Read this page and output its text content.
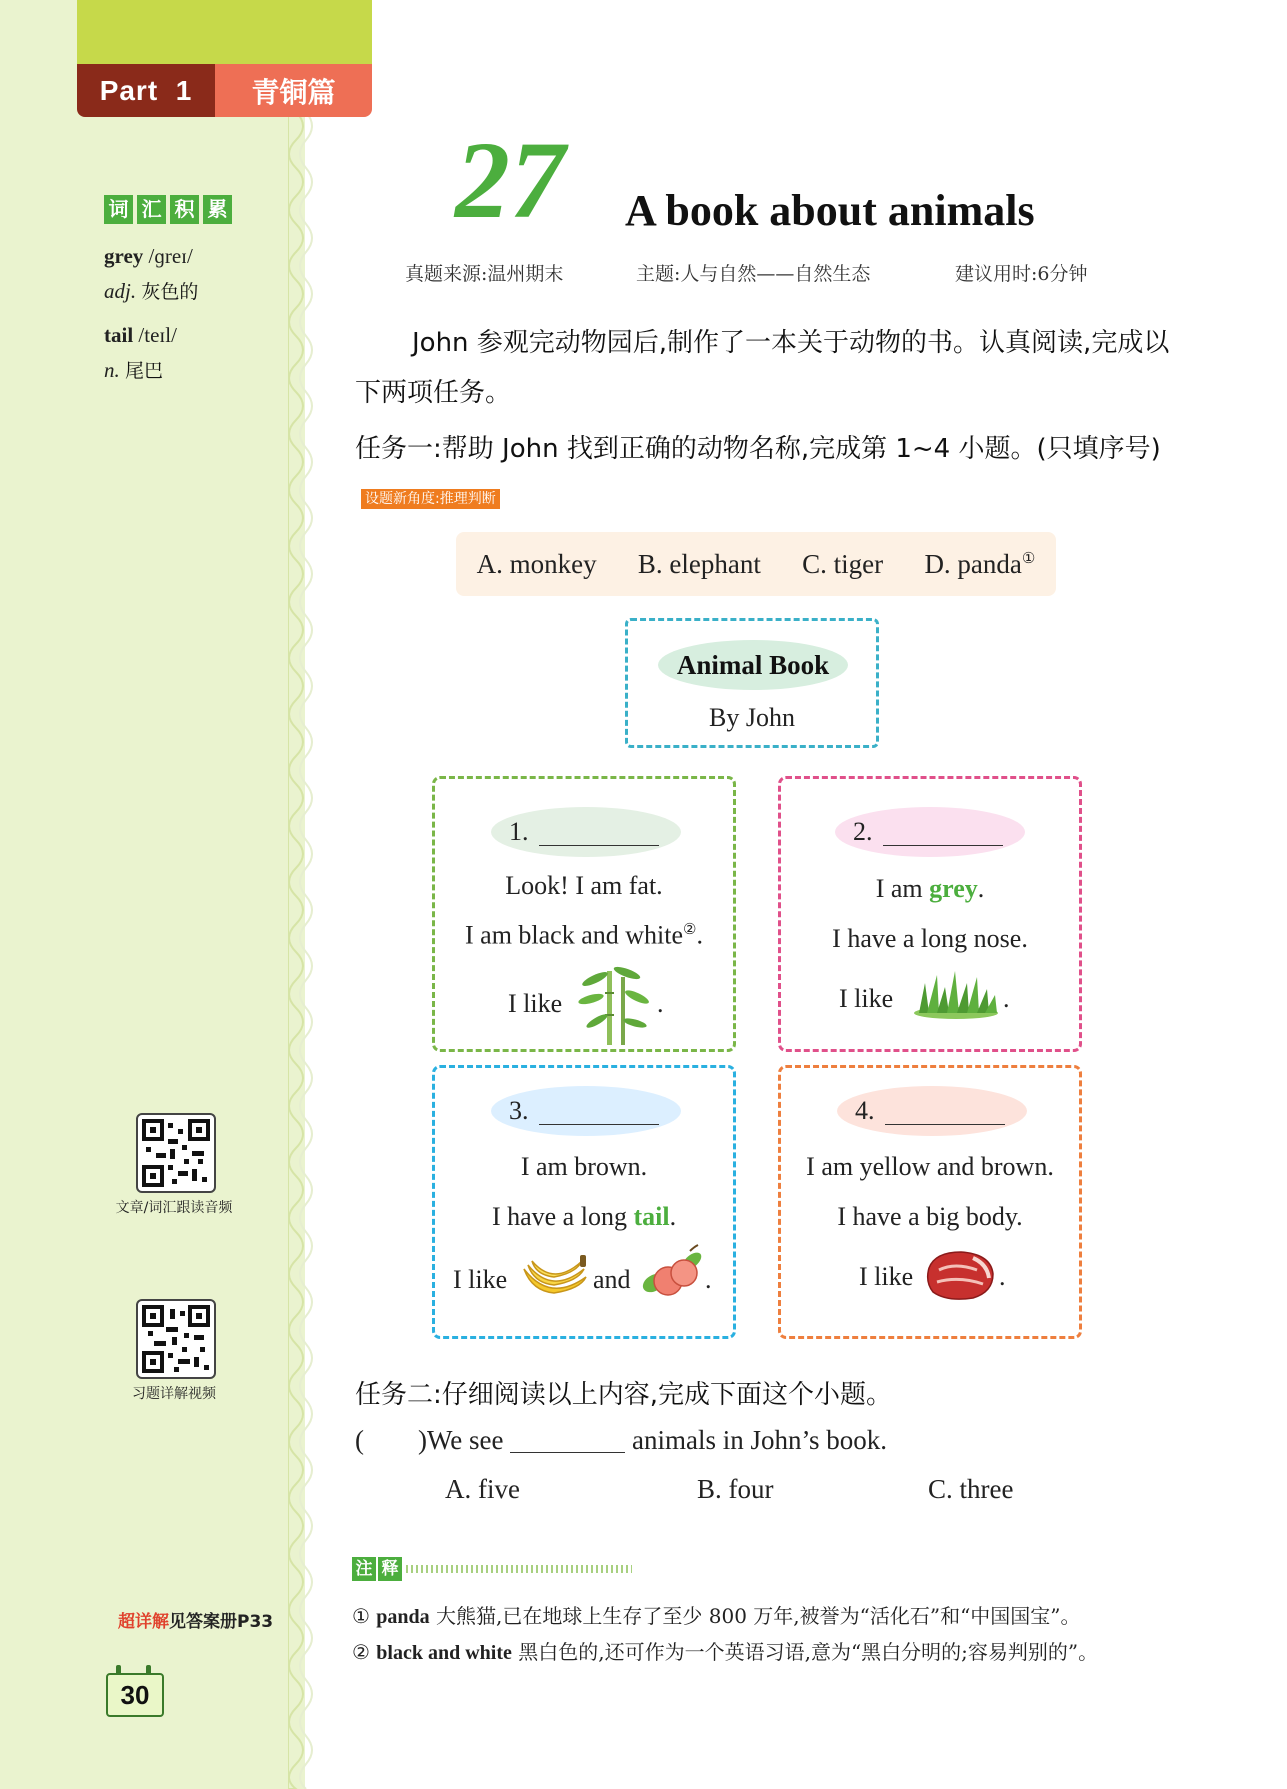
Part  1	青铜篇
词 汇 积 累
grey /ɡreɪ/
adj. 灰色的
tail /teɪl/
n. 尾巴
文章/词汇跟读音频
习题详解视频
超详解见答案册P33
30
27 A book about animals
真题来源:温州期末	主题:人与自然——自然生态	建议用时:6分钟
John 参观完动物园后,制作了一本关于动物的书。认真阅读,完成以下两项任务。
任务一:帮助 John 找到正确的动物名称,完成第 1~4 小题。(只填序号)设题新角度:推理判断
A. monkey B. elephant C. tiger D. panda①
Animal Book
By John
1.
Look! I am fat.
I am black and white②.
I like	.
2.
I am grey.
I have a long nose.
I like	.
3.
I am brown.
I have a long tail.
I like	and	.
4.
I am yellow and brown.
I have a big body.
I like	.
任务二:仔细阅读以上内容,完成下面这个小题。
(        )We see	animals in John’s book.
A. five	B. four	C. three
注 释
① panda 大熊猫,已在地球上生存了至少 800 万年,被誉为“活化石”和“中国国宝”。
② black and white 黑白色的,还可作为一个英语习语,意为“黑白分明的;容易判别的”。
